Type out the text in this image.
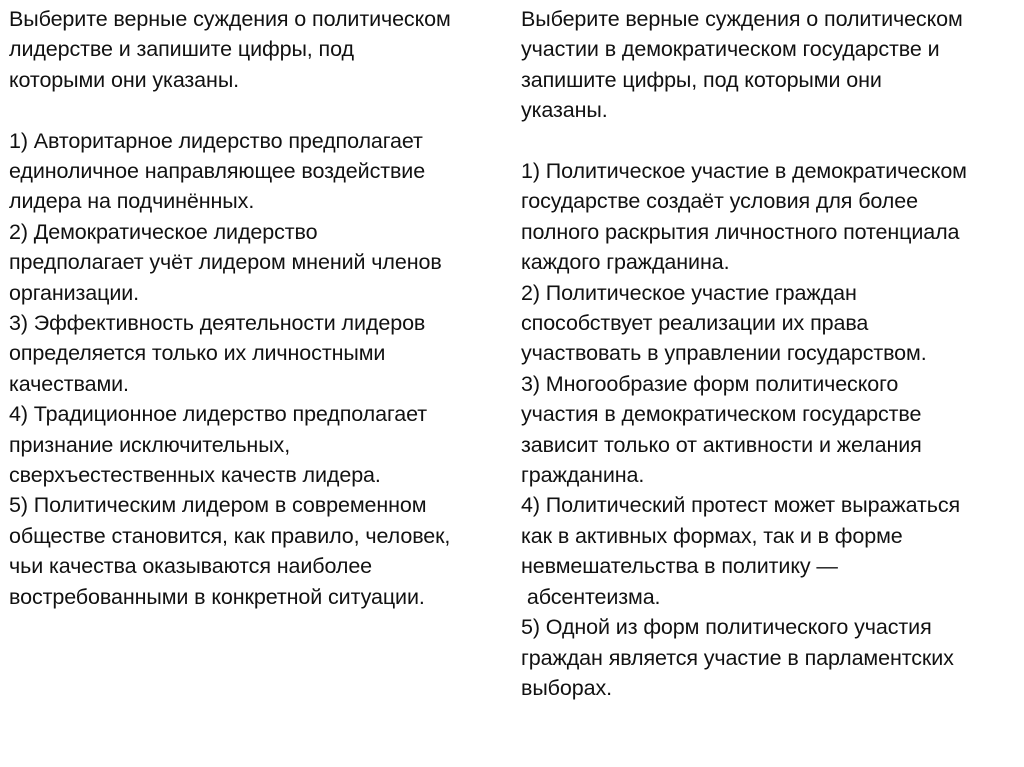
Выберите верные суждения о политическом
лидерстве и запишите цифры, под
которыми они указаны.

1) Авторитарное лидерство предполагает
единоличное направляющее воздействие
лидера на подчинённых.

2) Демократическое лидерство
предполагает учёт лидером мнений членов
организации.

3) Эффективность деятельности лидеров
определяется только их личностными
качествами.

4) Традиционное лидерство предполагает
признание исключительных,
сверхъестественных качеств лидера.

5) Политическим лидером в современном
обществе становится, как правило, человек,
чьи качества оказываются наиболее
востребованными в конкретной ситуации.

Выберите верные суждения о политическом
участии в демократическом государстве и
запишите цифры, под которыми они
указаны.

1) Политическое участие в демократическом
государстве создаёт условия для более
полного раскрытия личностного потенциала
каждого гражданина.

2) Политическое участие граждан
способствует реализации их права
участвовать в управлении государством.

3) Многообразие форм политического
участия в демократическом государстве
зависит только от активности и желания
гражданина.

4) Политический протест может выражаться
как в активных формах, так и в форме
невмешательства в политику —
абсентеизма.

5) Одной из форм политического участия
граждан является участие в парламентских
выборах.
